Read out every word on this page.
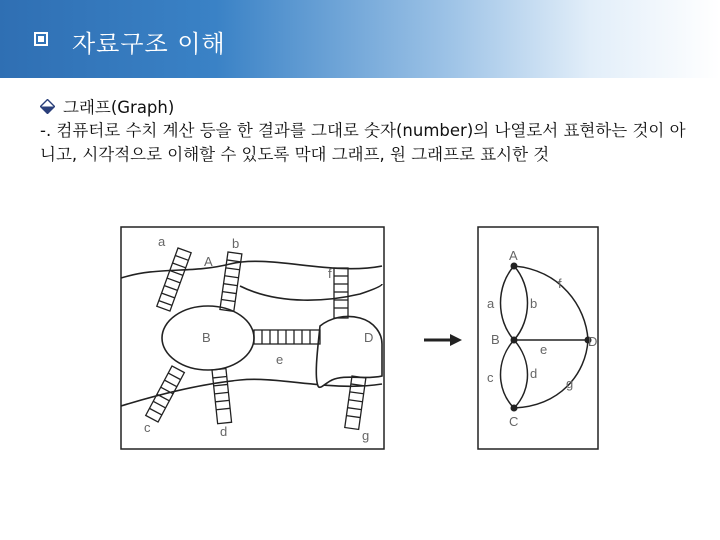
자료구조 이해
그래프(Graph)
-. 컴퓨터로 수치 계산 등을 한 결과를 그대로 숫자(number)의 나열로서 표현하는 것이 아니고, 시각적으로 이해할 수 있도록 막대 그래프, 원 그래프로 표시한 것
a	b
A
f
B
e
D
c	d	g
A
a	b
f
B
e
D
c	d
g
C
